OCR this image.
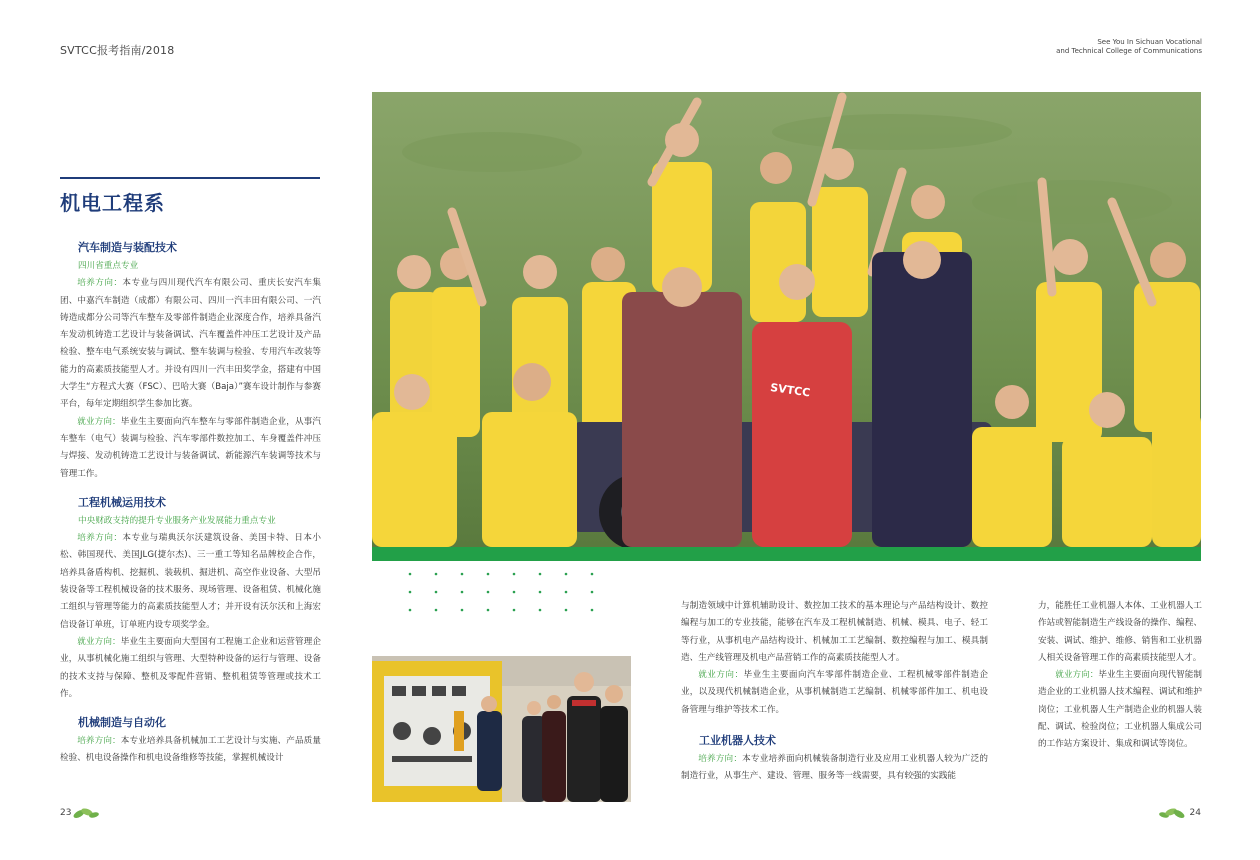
SVTCC报考指南/2018
See You In Sichuan Vocational
and Technical College of Communications
机电工程系
汽车制造与装配技术

四川省重点专业

培养方向：本专业与四川现代汽车有限公司、重庆长安汽车集团、中嘉汽车制造（成都）有限公司、四川一汽丰田有限公司、一汽铸造成都分公司等汽车整车及零部件制造企业深度合作，培养具备汽车发动机铸造工艺设计与装备调试、汽车覆盖件冲压工艺设计及产品检验、整车电气系统安装与调试、整车装调与检验、专用汽车改装等能力的高素质技能型人才。并设有四川一汽丰田奖学金，搭建有中国大学生“方程式大赛（FSC）、巴哈大赛（Baja）”赛车设计制作与参赛平台，每年定期组织学生参加比赛。

就业方向：毕业生主要面向汽车整车与零部件制造企业，从事汽车整车（电气）装调与检验、汽车零部件数控加工、车身覆盖件冲压与焊接、发动机铸造工艺设计与装备调试、新能源汽车装调等技术与管理工作。

工程机械运用技术

中央财政支持的提升专业服务产业发展能力重点专业

培养方向：本专业与瑞典沃尔沃建筑设备、美国卡特、日本小松、韩国现代、美国JLG(捷尔杰)、三一重工等知名品牌校企合作，培养具备盾构机、挖掘机、装载机、掘进机、高空作业设备、大型吊装设备等工程机械设备的技术服务、现场管理、设备租赁、机械化施工组织与管理等能力的高素质技能型人才；并开设有沃尔沃和上海宏信设备订单班，订单班内设专项奖学金。

就业方向：毕业生主要面向大型国有工程施工企业和运营管理企业，从事机械化施工组织与管理、大型特种设备的运行与管理、设备的技术支持与保障、整机及零配件营销、整机租赁等管理或技术工作。

机械制造与自动化

培养方向：本专业培养具备机械加工工艺设计与实施、产品质量检验、机电设备操作和机电设备维修等技能，掌握机械设计

SVTCC

与制造领域中计算机辅助设计、数控加工技术的基本理论与产品结构设计、数控编程与加工的专业技能，能够在汽车及工程机械制造、机械、模具、电子、轻工等行业，从事机电产品结构设计、机械加工工艺编制、数控编程与加工、模具制造、生产线管理及机电产品营销工作的高素质技能型人才。

就业方向：毕业生主要面向汽车零部件制造企业、工程机械零部件制造企业，以及现代机械制造企业，从事机械制造工艺编制、机械零部件加工、机电设备管理与维护等技术工作。

工业机器人技术

培养方向：本专业培养面向机械装备制造行业及应用工业机器人较为广泛的制造行业，从事生产、建设、管理、服务等一线需要，具有较强的实践能

力，能胜任工业机器人本体、工业机器人工作站或智能制造生产线设备的操作、编程、安装、调试、维护、维修、销售和工业机器人相关设备管理工作的高素质技能型人才。

就业方向：毕业生主要面向现代智能制造企业的工业机器人技术编程、调试和维护岗位；工业机器人生产制造企业的机器人装配、调试、检验岗位；工业机器人集成公司的工作站方案设计、集成和调试等岗位。

23	24
